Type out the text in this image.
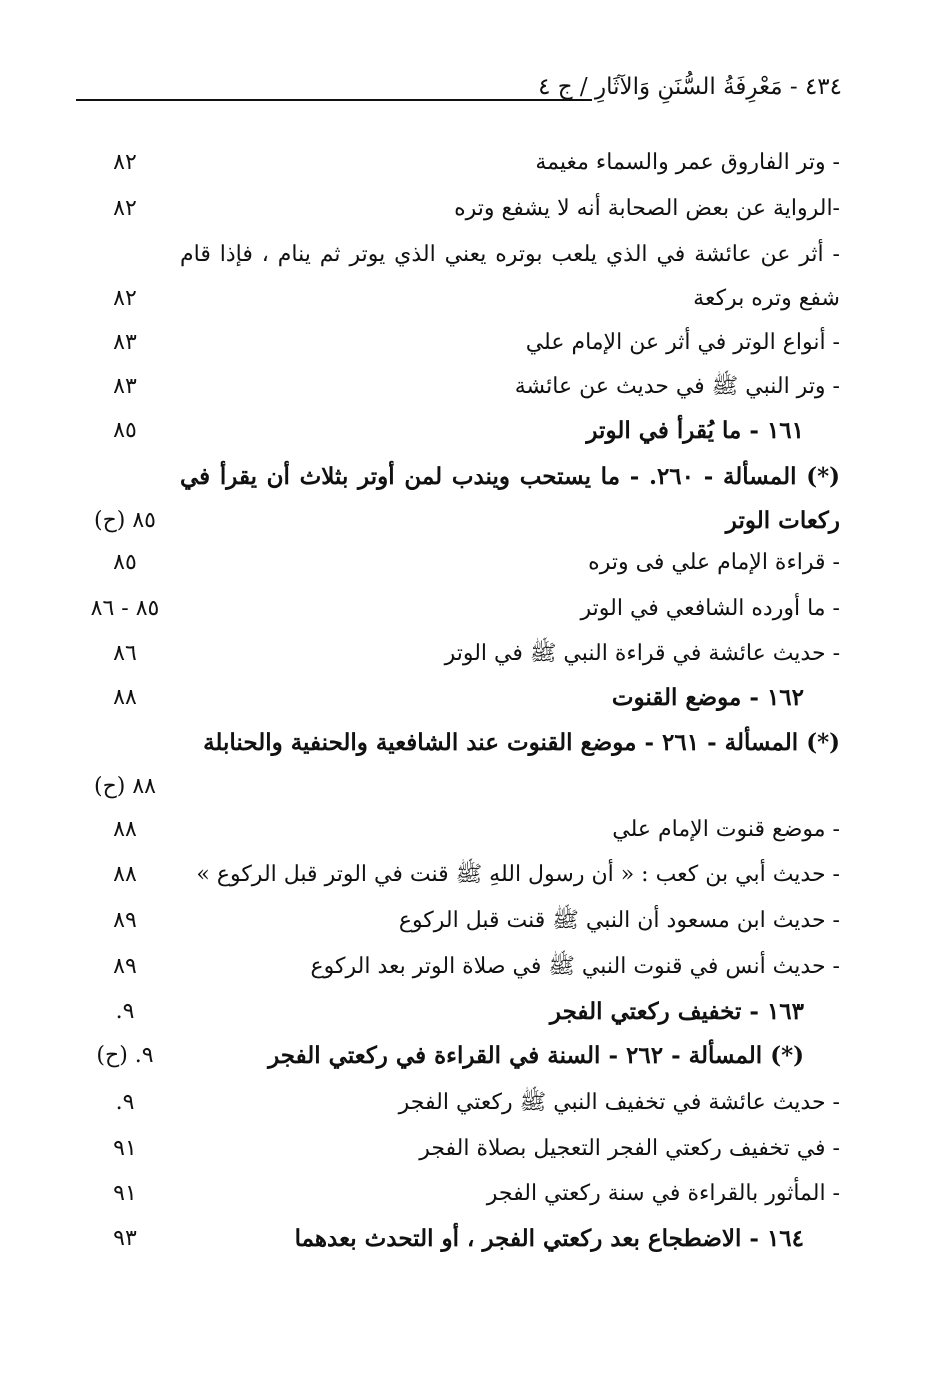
٤٣٤ - مَعْرِفَةُ السُّنَنِ وَالآثَارِ / ج ٤
- وتر الفاروق عمر والسماء مغيمة
٨٢
-الرواية عن بعض الصحابة أنه لا يشفع وتره
٨٢
- أثر عن عائشة في الذي يلعب بوتره يعني الذي يوتر ثم ينام ، فإذا قام شفع وتره بركعة
٨٢
- أنواع الوتر في أثر عن الإمام علي
٨٣
- وتر النبي ﷺ في حديث عن عائشة
٨٣
١٦١ - ما يُقرأ في الوتر
٨٥
(*) المسألة - ٢٦٠. - ما يستحب ويندب لمن أوتر بثلاث أن يقرأ في ركعات الوتر
٨٥ (ح)
- قراءة الإمام علي فى وتره
٨٥
- ما أورده الشافعي في الوتر
٨٥ - ٨٦
- حديث عائشة في قراءة النبي ﷺ في الوتر
٨٦
١٦٢ - موضع القنوت
٨٨
(*) المسألة - ٢٦١ - موضع القنوت عند الشافعية والحنفية والحنابلة
٨٨ (ح)
- موضع قنوت الإمام علي
٨٨
- حديث أبي بن كعب : « أن رسول اللهِ ﷺ قنت في الوتر قبل الركوع »
٨٨
- حديث ابن مسعود أن النبي ﷺ قنت قبل الركوع
٨٩
- حديث أنس في قنوت النبي ﷺ في صلاة الوتر بعد الركوع
٨٩
١٦٣ - تخفيف ركعتي الفجر
٩.
(*) المسألة - ٢٦٢ - السنة في القراءة في ركعتي الفجر
٩. (ح)
- حديث عائشة في تخفيف النبي ﷺ ركعتي الفجر
٩.
- في تخفيف ركعتي الفجر التعجيل بصلاة الفجر
٩١
- المأثور بالقراءة في سنة ركعتي الفجر
٩١
١٦٤ - الاضطجاع بعد ركعتي الفجر ، أو التحدث بعدهما
٩٣
